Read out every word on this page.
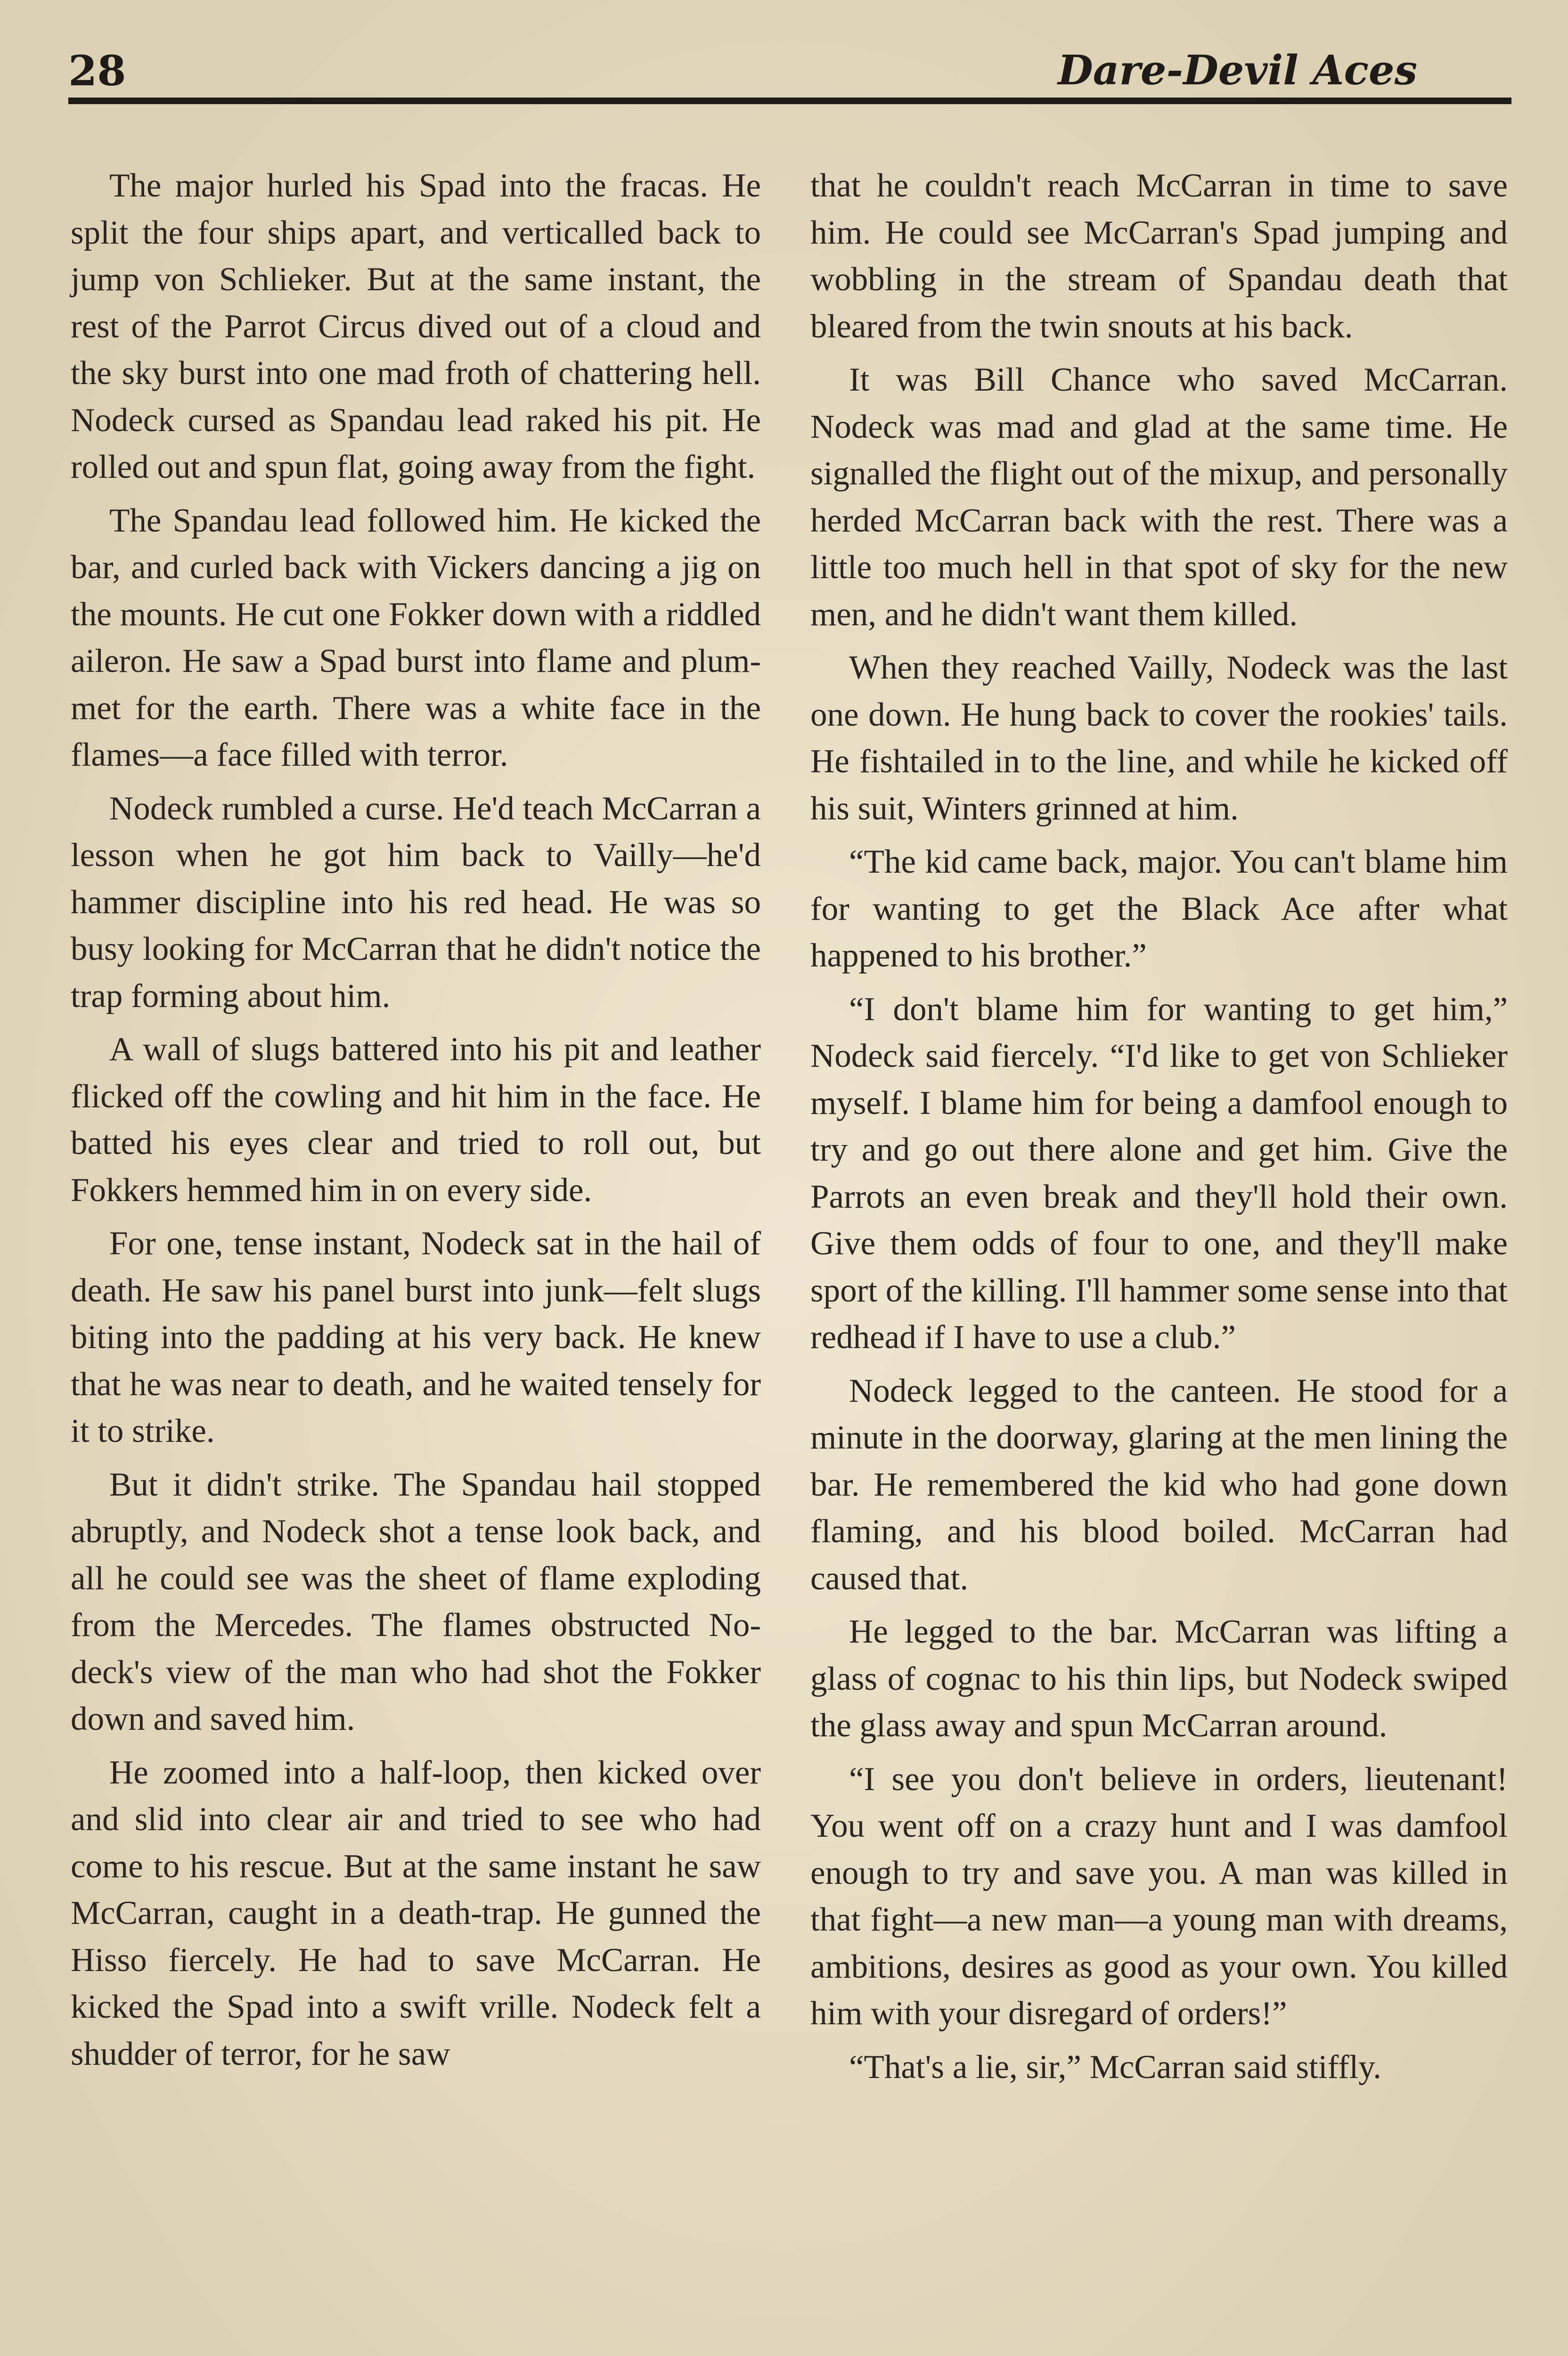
28	Dare-Devil Aces

The major hurled his Spad into the fracas. He split the four ships apart, and verticalled back to jump von Schlieker. But at the same instant, the rest of the Parrot Circus dived out of a cloud and the sky burst into one mad froth of chattering hell. Nodeck cursed as Spandau lead raked his pit. He rolled out and spun flat, going away from the fight.

The Spandau lead followed him. He kicked the bar, and curled back with Vickers dancing a jig on the mounts. He cut one Fokker down with a riddled aileron. He saw a Spad burst into flame and plummet for the earth. There was a white face in the flames—a face filled with terror.

Nodeck rumbled a curse. He'd teach McCarran a lesson when he got him back to Vailly—he'd hammer discipline into his red head. He was so busy looking for McCarran that he didn't notice the trap forming about him.

A wall of slugs battered into his pit and leather flicked off the cowling and hit him in the face. He batted his eyes clear and tried to roll out, but Fokkers hemmed him in on every side.

For one, tense instant, Nodeck sat in the hail of death. He saw his panel burst into junk—felt slugs biting into the padding at his very back. He knew that he was near to death, and he waited tensely for it to strike.

But it didn't strike. The Spandau hail stopped abruptly, and Nodeck shot a tense look back, and all he could see was the sheet of flame exploding from the Mercedes. The flames obstructed Nodeck's view of the man who had shot the Fokker down and saved him.

He zoomed into a half-loop, then kicked over and slid into clear air and tried to see who had come to his rescue. But at the same instant he saw McCarran, caught in a death-trap. He gunned the Hisso fiercely. He had to save McCarran. He kicked the Spad into a swift vrille. Nodeck felt a shudder of terror, for he saw

that he couldn't reach McCarran in time to save him. He could see McCarran's Spad jumping and wobbling in the stream of Spandau death that bleared from the twin snouts at his back.

It was Bill Chance who saved McCarran. Nodeck was mad and glad at the same time. He signalled the flight out of the mixup, and personally herded McCarran back with the rest. There was a little too much hell in that spot of sky for the new men, and he didn't want them killed.

When they reached Vailly, Nodeck was the last one down. He hung back to cover the rookies' tails. He fishtailed in to the line, and while he kicked off his suit, Winters grinned at him.

“The kid came back, major. You can't blame him for wanting to get the Black Ace after what happened to his brother.”

“I don't blame him for wanting to get him,” Nodeck said fiercely. “I'd like to get von Schlieker myself. I blame him for being a damfool enough to try and go out there alone and get him. Give the Parrots an even break and they'll hold their own. Give them odds of four to one, and they'll make sport of the killing. I'll hammer some sense into that redhead if I have to use a club.”

Nodeck legged to the canteen. He stood for a minute in the doorway, glaring at the men lining the bar. He remembered the kid who had gone down flaming, and his blood boiled. McCarran had caused that.

He legged to the bar. McCarran was lifting a glass of cognac to his thin lips, but Nodeck swiped the glass away and spun McCarran around.

“I see you don't believe in orders, lieutenant! You went off on a crazy hunt and I was damfool enough to try and save you. A man was killed in that fight—a new man—a young man with dreams, ambitions, desires as good as your own. You killed him with your disregard of orders!”

“That's a lie, sir,” McCarran said stiffly.
